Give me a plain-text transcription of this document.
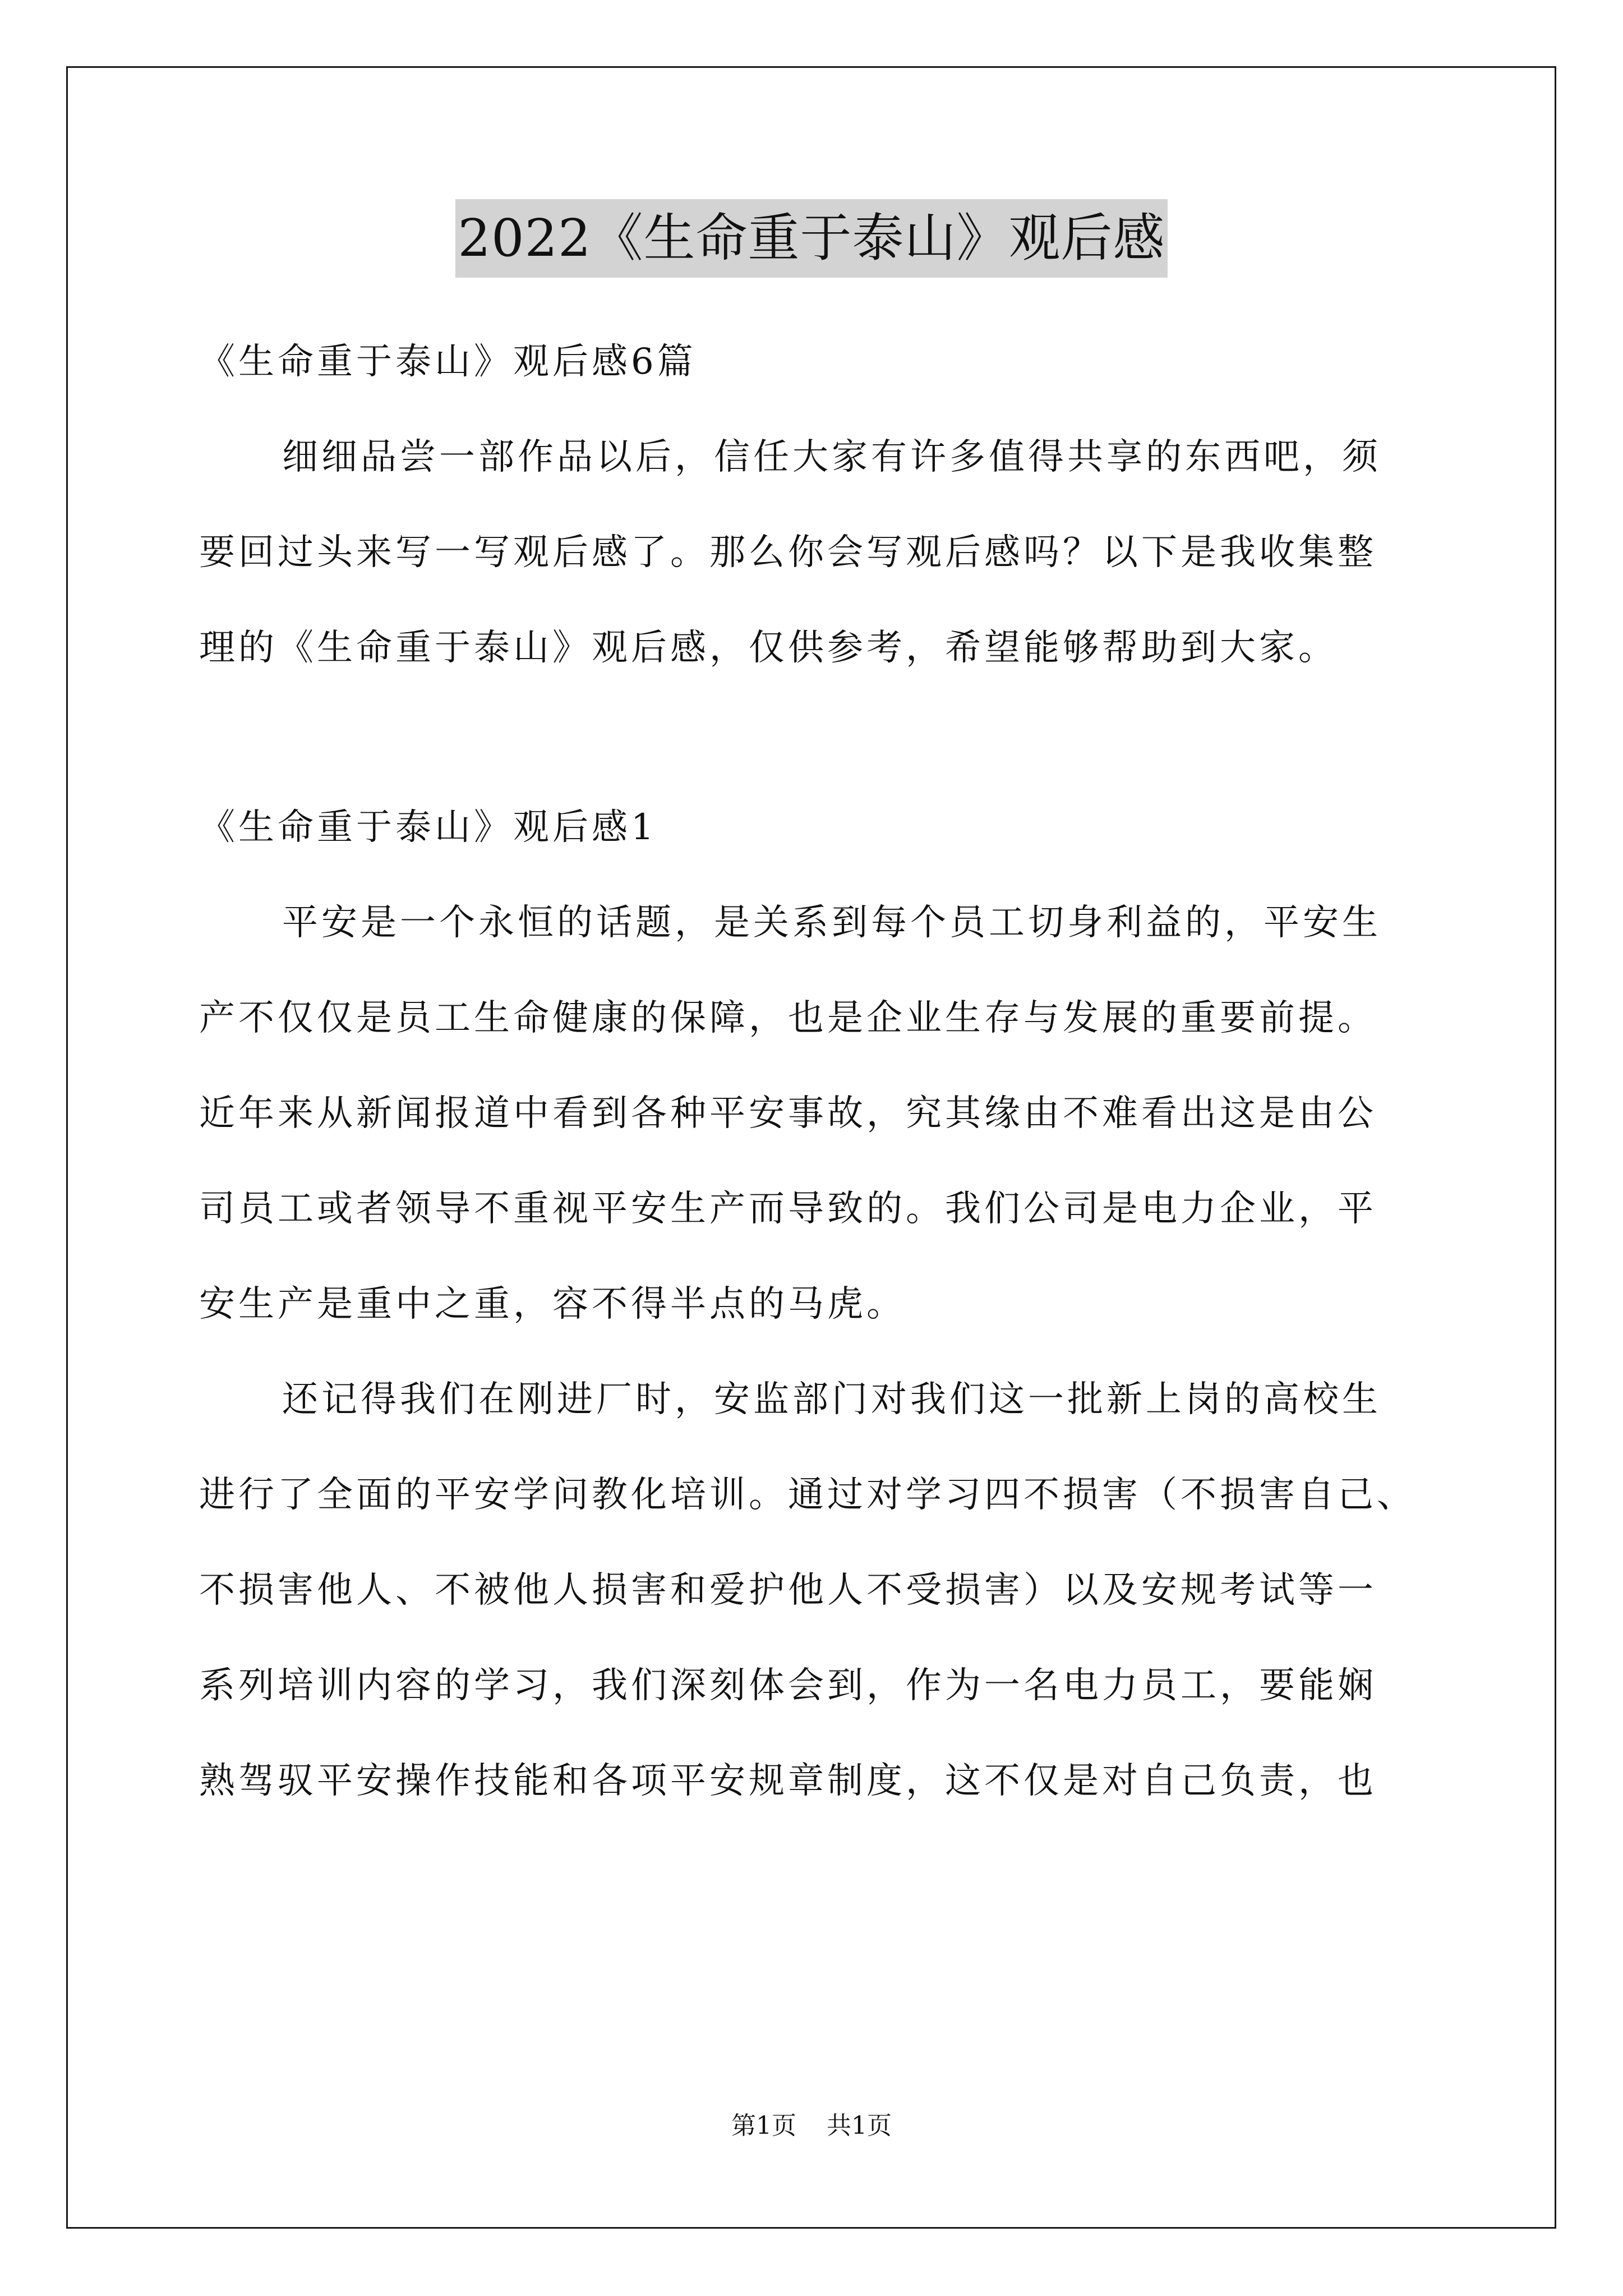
2022《生命重于泰山》观后感
《生命重于泰山》观后感6篇
细细品尝一部作品以后，信任大家有许多值得共享的东西吧，须
要回过头来写一写观后感了。那么你会写观后感吗？以下是我收集整
理的《生命重于泰山》观后感，仅供参考，希望能够帮助到大家。
《生命重于泰山》观后感1
平安是一个永恒的话题，是关系到每个员工切身利益的，平安生
产不仅仅是员工生命健康的保障，也是企业生存与发展的重要前提。
近年来从新闻报道中看到各种平安事故，究其缘由不难看出这是由公
司员工或者领导不重视平安生产而导致的。我们公司是电力企业，平
安生产是重中之重，容不得半点的马虎。
还记得我们在刚进厂时，安监部门对我们这一批新上岗的高校生
进行了全面的平安学问教化培训。通过对学习四不损害（不损害自己、
不损害他人、不被他人损害和爱护他人不受损害）以及安规考试等一
系列培训内容的学习，我们深刻体会到，作为一名电力员工，要能娴
熟驾驭平安操作技能和各项平安规章制度，这不仅是对自己负责，也
第1页 共1页
